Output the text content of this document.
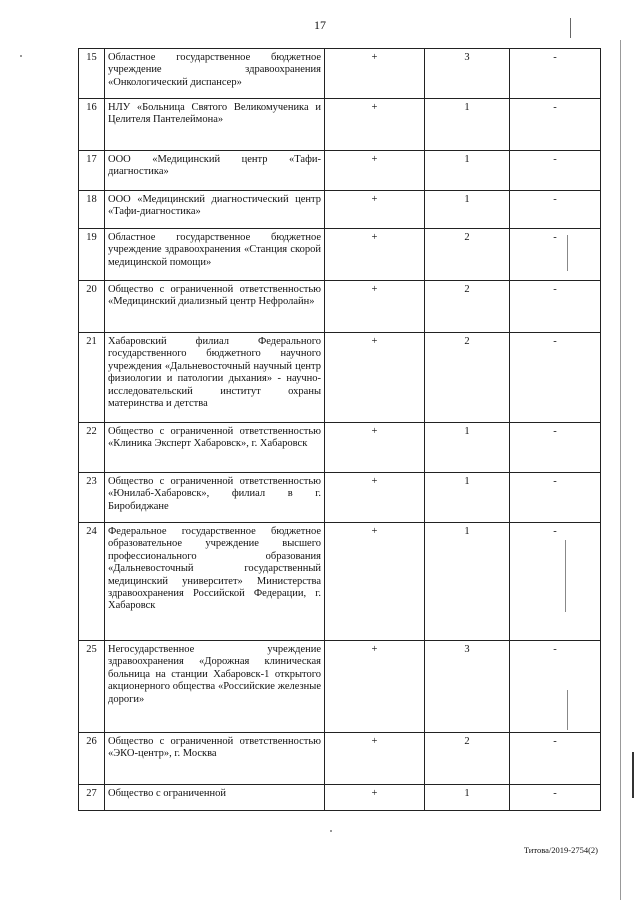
17
15	Областное государственное бюджетное учреждение здравоохранения «Онкологический диспансер»	+	3	-
16	НЛУ «Больница Святого Великомученика и Целителя Пантелеймона»	+	1	-
17	ООО «Медицинский центр «Тафи-диагностика»	+	1	-
18	ООО «Медицинский диагностический центр «Тафи-диагностика»	+	1	-
19	Областное государственное бюджетное учреждение здравоохранения «Станция скорой медицинской помощи»	+	2	-
20	Общество с ограниченной ответственностью «Медицинский диализный центр Нефролайн»	+	2	-
21	Хабаровский филиал Федерального государственного бюджетного научного учреждения «Дальневосточный научный центр физиологии и патологии дыхания» - научно-исследовательский институт охраны материнства и детства	+	2	-
22	Общество с ограниченной ответственностью «Клиника Эксперт Хабаровск», г. Хабаровск	+	1	-
23	Общество с ограниченной ответственностью «Юнилаб-Хабаровск», филиал в г. Биробиджане	+	1	-
24	Федеральное государственное бюджетное образовательное учреждение высшего профессионального образования «Дальневосточный государственный медицинский университет» Министерства здравоохранения Российской Федерации, г. Хабаровск	+	1	-
25	Негосударственное учреждение здравоохранения «Дорожная клиническая больница на станции Хабаровск-1 открытого акционерного общества «Российские железные дороги»	+	3	-
26	Общество с ограниченной ответственностью «ЭКО-центр», г. Москва	+	2	-
27	Общество с ограниченной	+	1	-
Титова/2019-2754(2)
